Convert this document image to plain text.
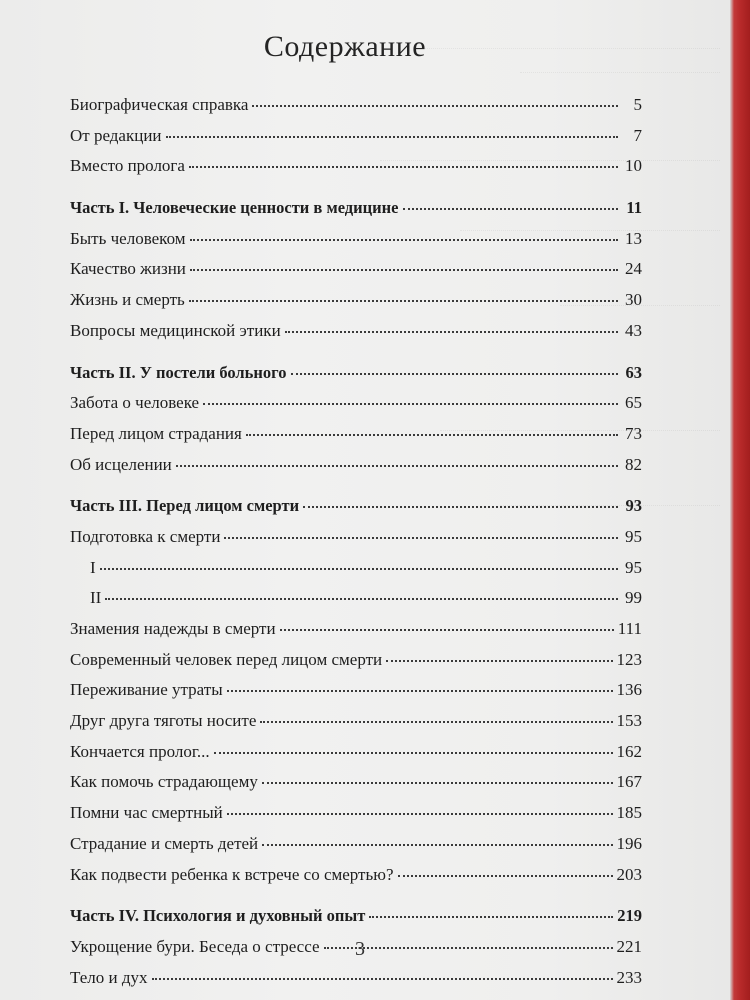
Содержание
Биографическая справка	5
От редакции	7
Вместо пролога	10
Часть I. Человеческие ценности в медицине	11
Быть человеком	13
Качество жизни	24
Жизнь и смерть	30
Вопросы медицинской этики	43
Часть II. У постели больного	63
Забота о человеке	65
Перед лицом страдания	73
Об исцелении	82
Часть III. Перед лицом смерти	93
Подготовка к смерти	95
I	95
II	99
Знамения надежды в смерти	111
Современный человек перед лицом смерти	123
Переживание утраты	136
Друг друга тяготы носите	153
Кончается пролог...	162
Как помочь страдающему	167
Помни час смертный	185
Страдание и смерть детей	196
Как подвести ребенка к встрече со смертью?	203
Часть IV. Психология и духовный опыт	219
Укрощение бури. Беседа о стрессе	221
Тело и дух	233
3
